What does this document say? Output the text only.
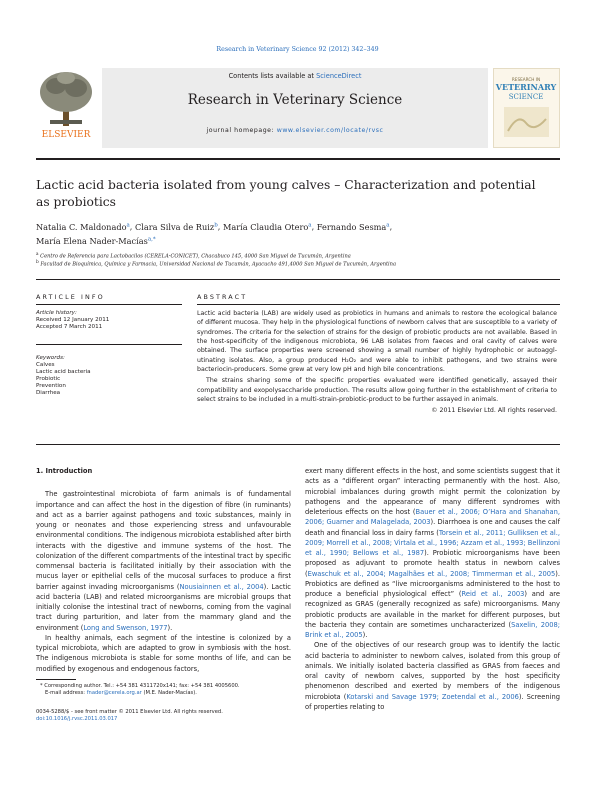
Research in Veterinary Science 92 (2012) 342–349
ELSEVIER
Contents lists available at ScienceDirect
Research in Veterinary Science
journal homepage: www.elsevier.com/locate/rvsc
RESEARCH IN
VETERINARY
SCIENCE
Lactic acid bacteria isolated from young calves – Characterization and potential
as probiotics
Natalia C. Maldonado$^a$, Clara Silva de Ruiz$^b$, María Claudia Otero$^a$, Fernando Sesma$^a$,
María Elena Nader-Macías$^{a,*}$
$^a$ Centro de Referencia para Lactobacilos (CERELA-CONICET), Chacabuco 145, 4000 San Miguel de Tucumán, Argentina
$^b$ Facultad de Bioquímica, Química y Farmacia, Universidad Nacional de Tucumán, Ayacucho 491,4000 San Miguel de Tucumán, Argentina
ARTICLE INFO
Article history:
Received 12 January 2011
Accepted 7 March 2011
Keywords:
Calves
Lactic acid bacteria
Probiotic
Prevention
Diarrhea
ABSTRACT

Lactic acid bacteria (LAB) are widely used as probiotics in humans and animals to restore the ecological balance of different mucosa. They help in the physiological functions of newborn calves that are susceptible to a variety of syndromes. The criteria for the selection of strains for the design of probiotic products are not available. Based in the host-specificity of the indigenous microbiota, 96 LAB isolates from faeces and oral cavity of calves were obtained. The surface properties were screened showing a small number of highly hydrophobic or autoagglutinating isolates. Also, a group produced H₂O₂ and were able to inhibit pathogens, and two strains were bacteriocin-producers. Some grew at very low pH and high bile concentrations.

The strains sharing some of the specific properties evaluated were identified genetically, assayed their compatibility and exopolysaccharide production. The results allow going further in the establishment of criteria to select strains to be included in a multi-strain-probiotic-product to be further assayed in animals.

© 2011 Elsevier Ltd. All rights reserved.
1. Introduction

The gastrointestinal microbiota of farm animals is of fundamental importance and can affect the host in the digestion of fibre (in ruminants) and act as a barrier against pathogens and toxic substances, mainly in young or neonates and those experiencing stress and unfavourable environmental conditions. The indigenous microbiota established after birth interacts with the digestive and immune systems of the host. The colonization of the different compartments of the intestinal tract by specific commensal bacteria is facilitated initially by their association with the mucus layer or epithelial cells of the mucosal surfaces to produce a first barrier against invading microorganisms (Nousiainnen et al., 2004). Lactic acid bacteria (LAB) and related microorganisms are microbial groups that initially colonise the intestinal tract of newborns, coming from the vaginal tract during parturition, and later from the mammary gland and the environment (Long and Swenson, 1977).

In healthy animals, each segment of the intestine is colonized by a typical microbiota, which are adapted to grow in symbiosis with the host. The indigenous microbiota is stable for some months of life, and can be modified by exogenous and endogenous factors,

exert many different effects in the host, and some scientists suggest that it acts as a “different organ” interacting permanently with the host. Also, microbial imbalances during growth might permit the colonization by pathogens and the appearance of many different syndromes with deleterious effects on the host (Bauer et al., 2006; O’Hara and Shanahan, 2006; Guarner and Malagelada, 2003). Diarrhoea is one and causes the calf death and financial loss in dairy farms (Torsein et al., 2011; Gulliksen et al., 2009; Morrell et al., 2008; Virtala et al., 1996; Azzam et al., 1993; Bellinzoni et al., 1990; Bellows et al., 1987). Probiotic microorganisms have been proposed as adjuvant to promote health status in newborn calves (Ewaschuk et al., 2004; Magalhães et al., 2008; Timmerman et al., 2005). Probiotics are defined as “live microorganisms administered to the host to produce a beneficial physiological effect” (Reid et al., 2003) and are recognized as GRAS (generally recognized as safe) microorganisms. Many probiotic products are available in the market for different purposes, but the bacteria they contain are sometimes uncharacterized (Saxelin, 2008; Brink et al., 2005).

One of the objectives of our research group was to identify the lactic acid bacteria to administer to newborn calves, isolated from this group of animals. We initially isolated bacteria classified as GRAS from faeces and oral cavity of newborn calves, supported by the host specificity phenomenon described and exerted by members of the indigenous microbiota (Kotarski and Savage 1979; Zoetendal et al., 2006). Screening of properties relating to

* Corresponding author. Tel.: +54 381 4311720x141; fax: +54 381 4005600.
E-mail address: fnader@cerela.org.ar (M.E. Nader-Macías).
0034-5288/$ - see front matter © 2011 Elsevier Ltd. All rights reserved.
doi:10.1016/j.rvsc.2011.03.017
